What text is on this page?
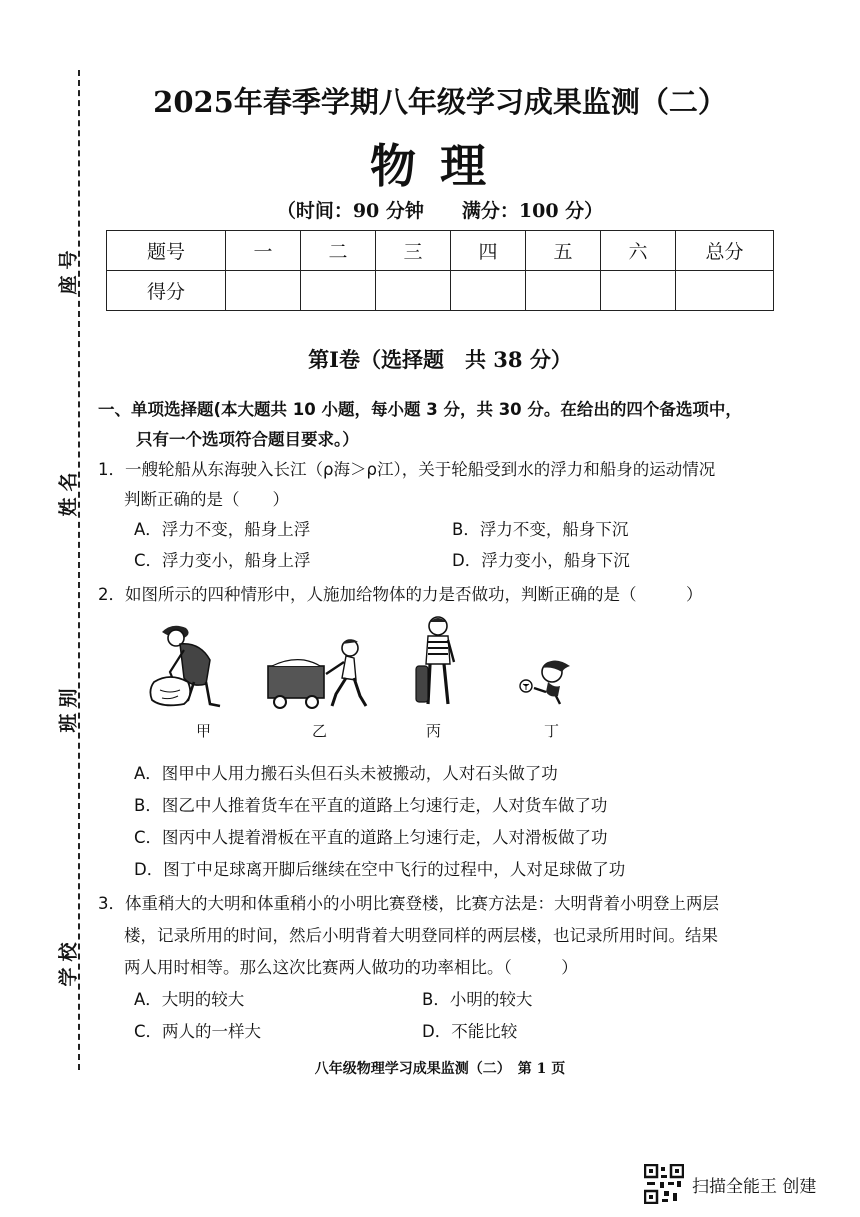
座号
姓名
班别
学校
2025年春季学期八年级学习成果监测（二）
物理
（时间：90 分钟　　满分：100 分）
题号	一	二	三	四	五	六	总分
得分							
第Ⅰ卷（选择题　共 38 分）
一、单项选择题(本大题共 10 小题，每小题 3 分，共 30 分。在给出的四个备选项中，
只有一个选项符合题目要求。）
1．一艘轮船从东海驶入长江（ρ海＞ρ江），关于轮船受到水的浮力和船身的运动情况
判断正确的是（　　）
A．浮力不变，船身上浮	B．浮力不变，船身下沉
C．浮力变小，船身上浮	D．浮力变小，船身下沉
2．如图所示的四种情形中，人施加给物体的力是否做功，判断正确的是（　　　）
甲	乙	丙	丁
A．图甲中人用力搬石头但石头未被搬动，人对石头做了功
B．图乙中人推着货车在平直的道路上匀速行走，人对货车做了功
C．图丙中人提着滑板在平直的道路上匀速行走，人对滑板做了功
D．图丁中足球离开脚后继续在空中飞行的过程中，人对足球做了功
3．体重稍大的大明和体重稍小的小明比赛登楼，比赛方法是：大明背着小明登上两层
楼，记录所用的时间，然后小明背着大明登同样的两层楼，也记录所用时间。结果
两人用时相等。那么这次比赛两人做功的功率相比。（　　　）
A．大明的较大	B．小明的较大
C．两人的一样大	D．不能比较
八年级物理学习成果监测（二）　第 1 页
扫描全能王 创建
